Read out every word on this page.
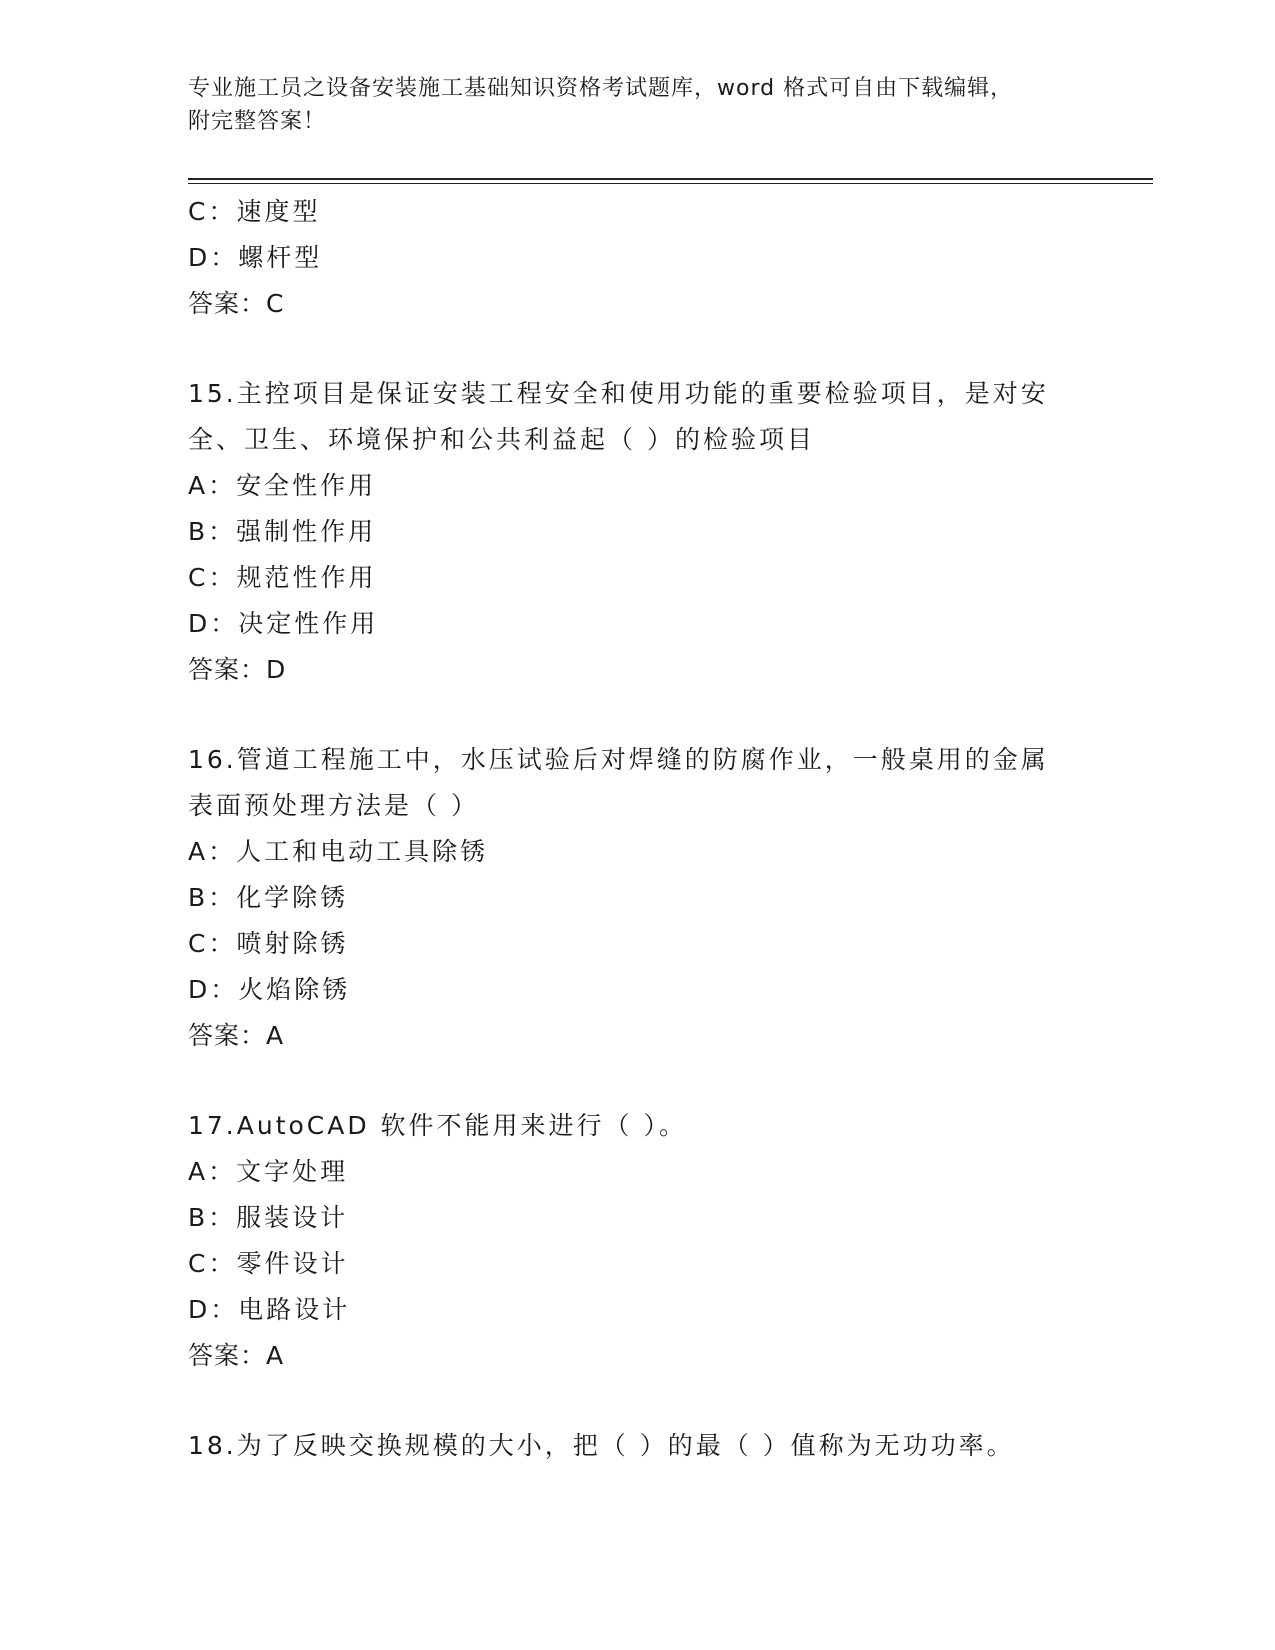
专业施工员之设备安装施工基础知识资格考试题库，word 格式可自由下载编辑，
附完整答案！
C：速度型
D：螺杆型
答案：C
15.主控项目是保证安装工程安全和使用功能的重要检验项目，是对安
全、卫生、环境保护和公共利益起（ ）的检验项目
A：安全性作用
B：强制性作用
C：规范性作用
D：决定性作用
答案：D
16.管道工程施工中，水压试验后对焊缝的防腐作业，一般桌用的金属
表面预处理方法是（ ）
A：人工和电动工具除锈
B：化学除锈
C：喷射除锈
D：火焰除锈
答案：A
17.AutoCAD 软件不能用来进行（ ）。
A：文字处理
B：服装设计
C：零件设计
D：电路设计
答案：A
18.为了反映交换规模的大小，把（ ）的最（ ）值称为无功功率。
